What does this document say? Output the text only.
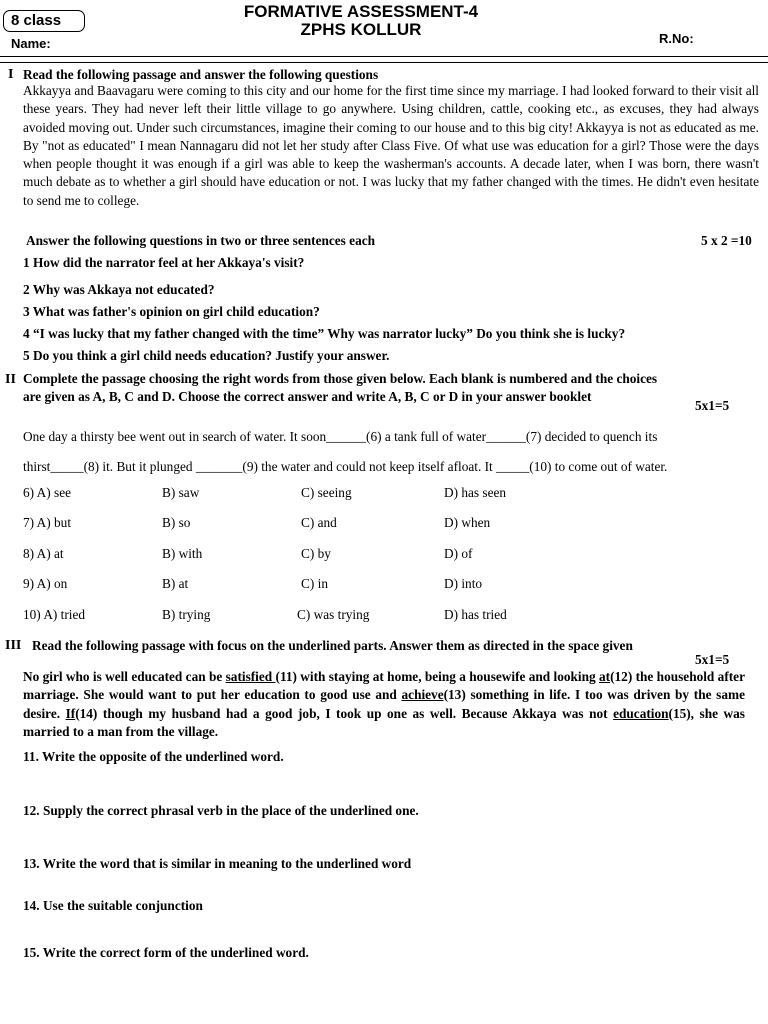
8 class	FORMATIVE ASSESSMENT-4
ZPHS KOLLUR
Name:	R.No:
I Read the following passage and answer the following questions
Akkayya and Baavagaru were coming to this city and our home for the first time since my marriage. I had looked forward to their visit all these years. They had never left their little village to go anywhere. Using children, cattle, cooking etc., as excuses, they had always avoided moving out. Under such circumstances, imagine their coming to our house and to this big city! Akkayya is not as educated as me. By "not as educated" I mean Nannagaru did not let her study after Class Five. Of what use was education for a girl? Those were the days when people thought it was enough if a girl was able to keep the washerman's accounts. A decade later, when I was born, there wasn't much debate as to whether a girl should have education or not. I was lucky that my father changed with the times. He didn't even hesitate to send me to college.
Answer the following questions in two or three sentences each	5 x 2 =10
1 How did the narrator feel at her Akkaya's visit?
2 Why was Akkaya not educated?
3 What was father's opinion on girl child education?
4 “I was lucky that my father changed with the time” Why was narrator lucky” Do you think she is lucky?
5 Do you think a girl child needs education? Justify your answer.
II Complete the passage choosing the right words from those given below. Each blank is numbered and the choices
are given as A, B, C and D. Choose the correct answer and write A, B, C or D in your answer booklet
5x1=5
One day a thirsty bee went out in search of water. It soon______(6) a tank full of water______(7) decided to quench its
thirst_____(8) it. But it plunged _______(9) the water and could not keep itself afloat. It _____(10) to come out of water.
6) A) see	B) saw	C) seeing	D) has seen
7) A) but	B) so	C) and	D) when
8) A) at	B) with	C) by	D) of
9) A) on	B) at	C) in	D) into
10) A) tried	B) trying	C) was trying	D) has tried
III Read the following passage with focus on the underlined parts. Answer them as directed in the space given
5x1=5
No girl who is well educated can be satisfied (11) with staying at home, being a housewife and looking at(12) the household after marriage. She would want to put her education to good use and achieve(13) something in life. I too was driven by the same desire. If(14) though my husband had a good job, I took up one as well. Because Akkaya was not education(15), she was married to a man from the village.
11. Write the opposite of the underlined word.
12. Supply the correct phrasal verb in the place of the underlined one.
13. Write the word that is similar in meaning to the underlined word
14. Use the suitable conjunction
15. Write the correct form of the underlined word.
